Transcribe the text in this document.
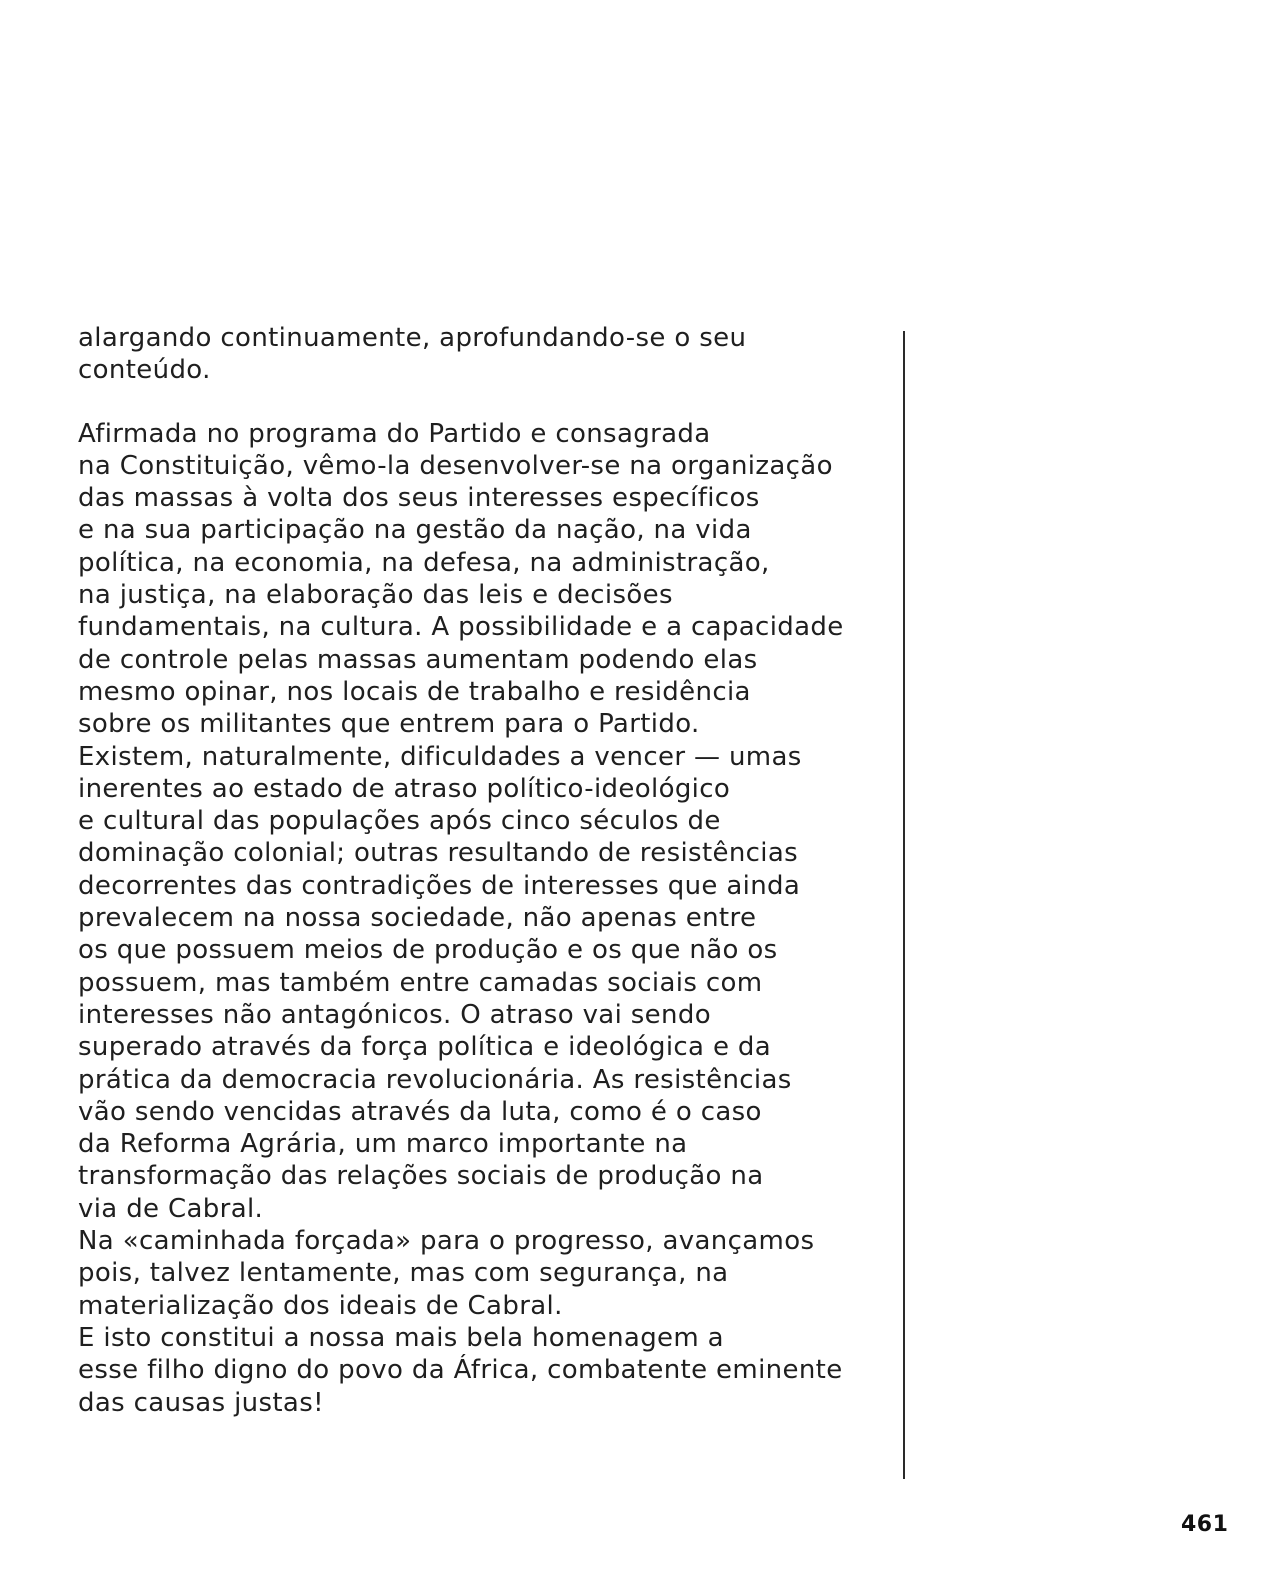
alargando continuamente, aprofundando-se o seu
conteúdo.

Afirmada no programa do Partido e consagrada
na Constituição, vêmo-la desenvolver-se na organização
das massas à volta dos seus interesses específicos
e na sua participação na gestão da nação, na vida
política, na economia, na defesa, na administração,
na justiça, na elaboração das leis e decisões
fundamentais, na cultura. A possibilidade e a capacidade
de controle pelas massas aumentam podendo elas
mesmo opinar, nos locais de trabalho e residência
sobre os militantes que entrem para o Partido.
Existem, naturalmente, dificuldades a vencer — umas
inerentes ao estado de atraso político-ideológico
e cultural das populações após cinco séculos de
dominação colonial; outras resultando de resistências
decorrentes das contradições de interesses que ainda
prevalecem na nossa sociedade, não apenas entre
os que possuem meios de produção e os que não os
possuem, mas também entre camadas sociais com
interesses não antagónicos. O atraso vai sendo
superado através da força política e ideológica e da
prática da democracia revolucionária. As resistências
vão sendo vencidas através da luta, como é o caso
da Reforma Agrária, um marco importante na
transformação das relações sociais de produção na
via de Cabral.

Na «caminhada forçada» para o progresso, avançamos
pois, talvez lentamente, mas com segurança, na
materialização dos ideais de Cabral.

E isto constitui a nossa mais bela homenagem a
esse filho digno do povo da África, combatente eminente
das causas justas!

461
